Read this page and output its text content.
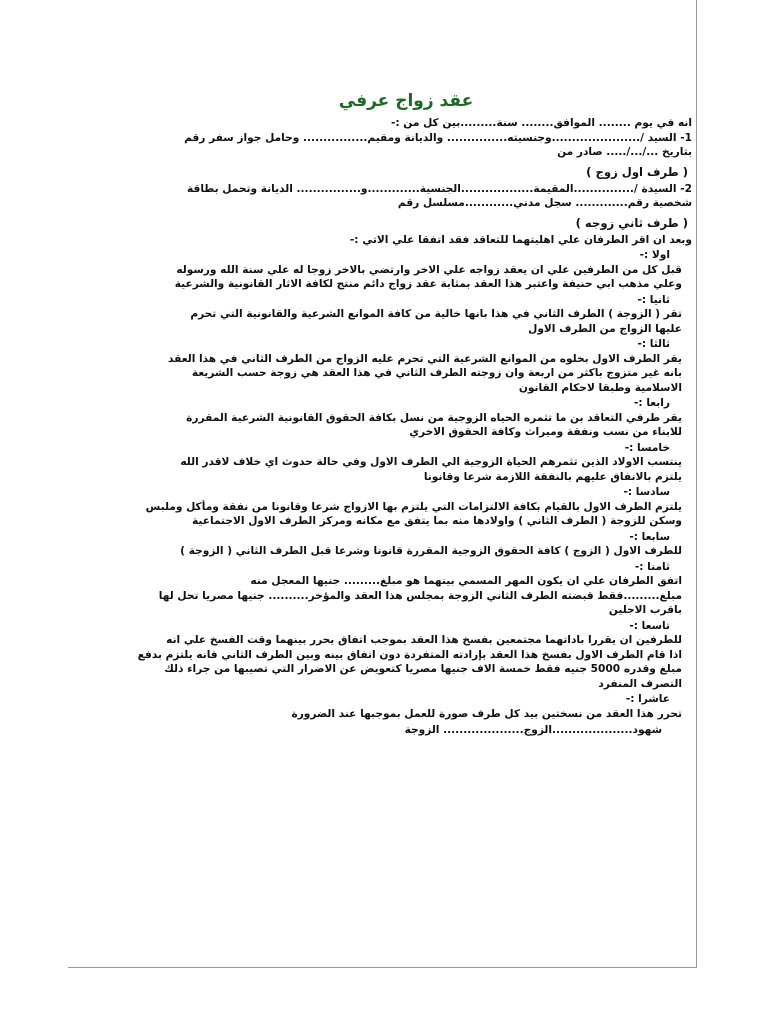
عقد زواج عرفي
انه في يوم ........ الموافق........ سنة.........بين كل من :-
1- السيد /......................وجنسيته............... والديانة ومقيم................ وحامل جواز سفر رقم
بتاريخ .../.../..... صادر من
( طرف اول زوج )
2- السيدة /...............المقيمة..................الجنسية.............و................ الديانة وتحمل بطاقة
شخصية رقم............. سجل مدني............مسلسل رقم
( طرف ثاني زوجه )
وبعد ان اقر الطرفان علي اهليتهما للتعاقد فقد اتفقا علي الاتي :-
اولا :-
قبل كل من الطرفين علي ان يعقد زواجه علي الاخر وارتضي بالاخر زوجا له علي سنة الله ورسوله
وعلي مذهب ابي حنيفة واعتبر هذا العقد بمثابة عقد زواج دائم منتج لكافة الاثار القانونية والشرعية
ثانيا :-
تقر ( الزوجة ) الطرف الثاني في هذا بانها خالية من كافة الموانع الشرعية والقانونية التي تحرم
عليها الزواج من الطرف الاول
ثالثا :-
يقر الطرف الاول بخلوه من الموانع الشرعية التي تحرم عليه الزواج من الطرف الثاني في هذا العقد
بانه غير متزوج باكثر من اربعة وان زوجته الطرف الثاني في هذا العقد هي زوجة حسب الشريعة
الاسلامية وطبقا لاحكام القانون
رابعا :-
يقر طرفي التعاقد بن ما تثمره الحياه الزوجية من نسل بكافة الحقوق القانونية الشرعية المقررة
للابناء من نسب ونفقة وميراث وكافة الحقوق الاخري
خامسا :-
ينتسب الاولاد الذين تثمرهم الحياة الزوجية الي الطرف الاول وفي حالة حدوث اي خلاف لاقدر الله
يلتزم بالانفاق عليهم بالنفقة اللازمة شرعا وقانونا
سادسا :-
يلتزم الطرف الاول بالقيام بكافة الالتزامات التي يلتزم بها الازواج شرعا وقانونا من نفقة ومأكل وملبس
وسكن للزوجة ( الطرف الثاني ) واولادها منه بما يتفق مع مكانه ومركز الطرف الاول الاجتماعية
سابعا :-
للطرف الاول ( الزوج ) كافة الحقوق الزوجية المقررة قانونا وشرعا قبل الطرف الثاني ( الزوجة )
ثامنا :-
اتفق الطرفان علي ان يكون المهر المسمي بينهما هو مبلغ......... جنيها المعجل منه
مبلغ.........فقط قبضته الطرف الثاني الزوجة بمجلس هذا العقد والمؤخر.......... جنيها مصريا تحل لها
باقرب الاجلين
تاسعا :-
للطرفين ان يقررا باداتهما مجتمعين بفسخ هذا العقد بموجب اتفاق يحرر بينهما وقت الفسخ علي انه
اذا قام الطرف الاول بفسخ هذا العقد بإرادته المتفردة دون اتفاق بينه وبين الطرف الثاني فانه يلتزم بدفع
مبلغ وقدره 5000 جنيه فقط خمسة الاف جنيها مصريا كتعويض عن الاضرار التي تصيبها من جراء ذلك
التصرف المنفرد
عاشرا :-
تحرر هذا العقد من نسختين بيد كل طرف صورة للعمل بموجبها عند الضرورة
شهود....................الزوج.................... الزوجة
